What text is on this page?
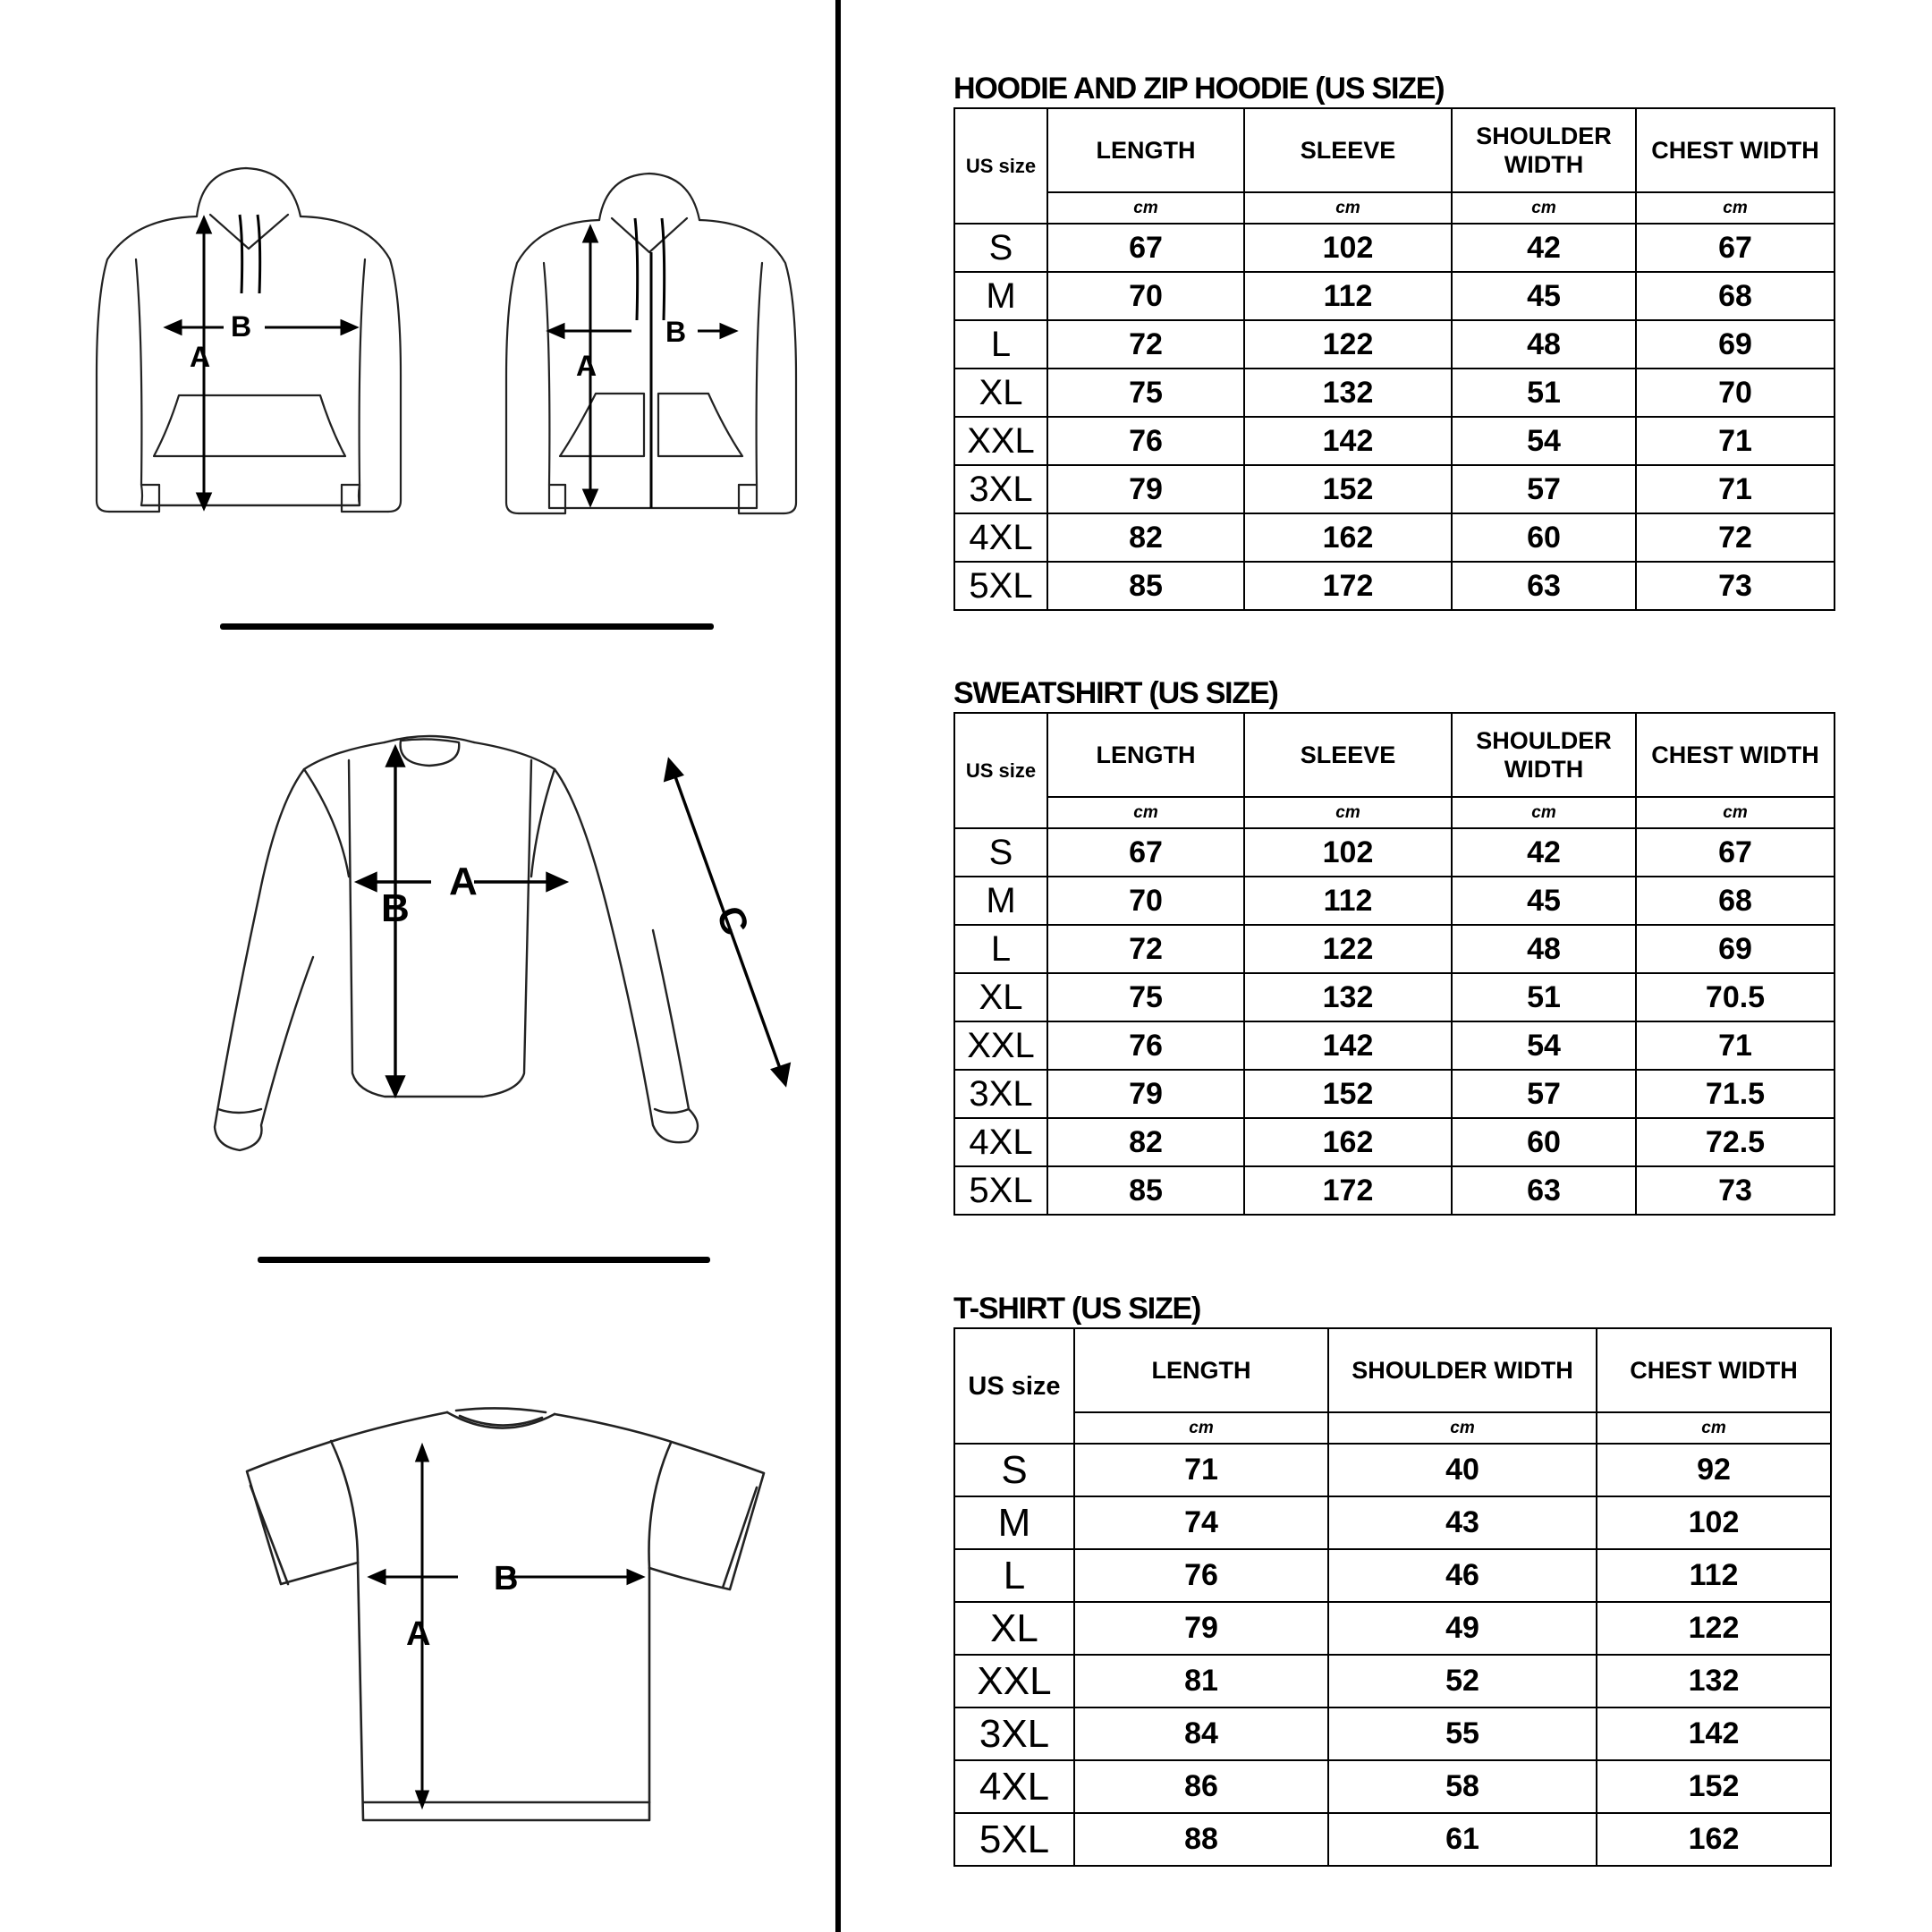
A
B
A
B
A
B	C
A
B
HOODIE AND ZIP HOODIE (US SIZE)
US size	LENGTH	SLEEVE	SHOULDER WIDTH	CHEST WIDTH
	cm	cm	cm	cm
S	67	102	42	67
M	70	112	45	68
L	72	122	48	69
XL	75	132	51	70
XXL	76	142	54	71
3XL	79	152	57	71
4XL	82	162	60	72
5XL	85	172	63	73
SWEATSHIRT (US SIZE)
US size	LENGTH	SLEEVE	SHOULDER WIDTH	CHEST WIDTH
	cm	cm	cm	cm
S	67	102	42	67
M	70	112	45	68
L	72	122	48	69
XL	75	132	51	70.5
XXL	76	142	54	71
3XL	79	152	57	71.5
4XL	82	162	60	72.5
5XL	85	172	63	73
T-SHIRT (US SIZE)
US size	LENGTH	SHOULDER WIDTH	CHEST WIDTH
	cm	cm	cm
S	71	40	92
M	74	43	102
L	76	46	112
XL	79	49	122
XXL	81	52	132
3XL	84	55	142
4XL	86	58	152
5XL	88	61	162
